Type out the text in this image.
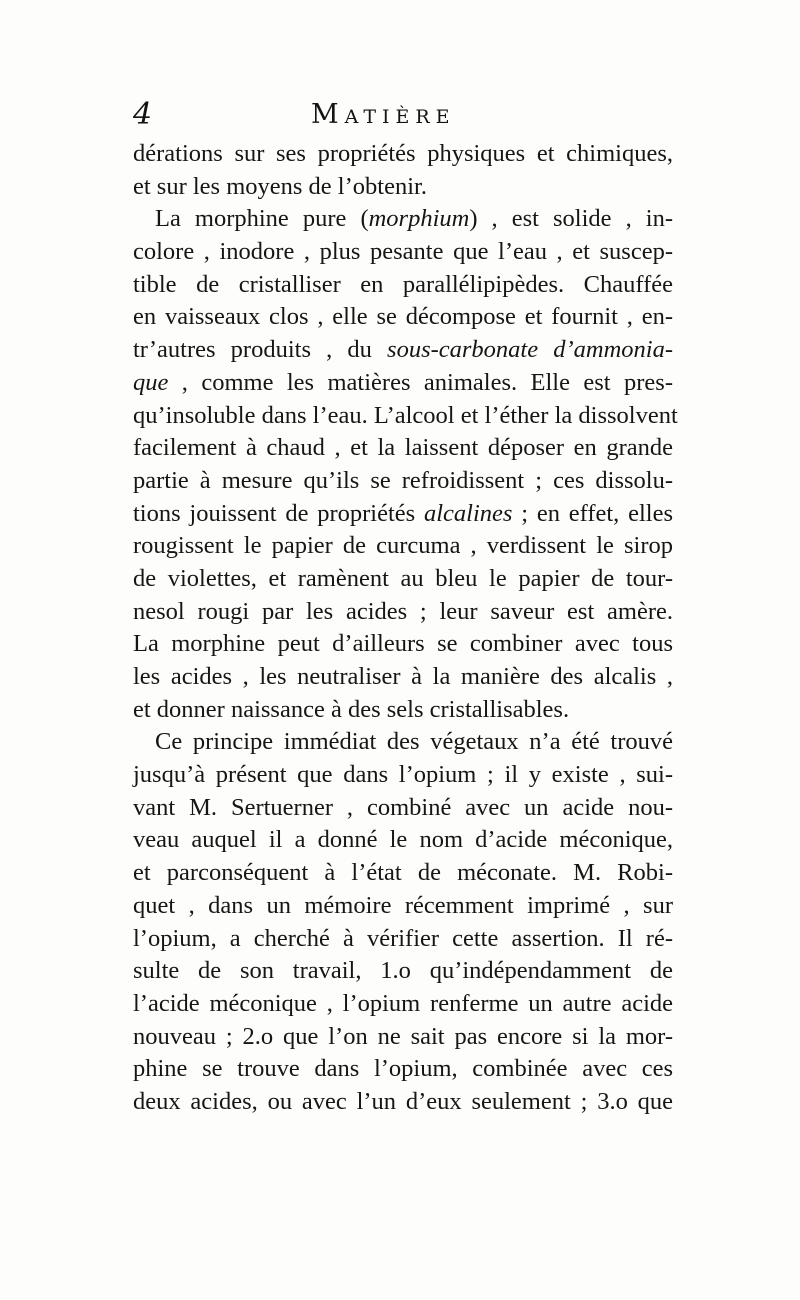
4	Matière
dérations sur ses propriétés physiques et chimiques,
et sur les moyens de l’obtenir.
La morphine pure (morphium) , est solide , in-
colore , inodore , plus pesante que l’eau , et suscep-
tible de cristalliser en parallélipipèdes. Chauffée
en vaisseaux clos , elle se décompose et fournit , en-
tr’autres produits , du sous-carbonate d’ammonia-
que , comme les matières animales. Elle est pres-
qu’insoluble dans l’eau. L’alcool et l’éther la dissolvent
facilement à chaud , et la laissent déposer en grande
partie à mesure qu’ils se refroidissent ; ces dissolu-
tions jouissent de propriétés alcalines ; en effet, elles
rougissent le papier de curcuma , verdissent le sirop
de violettes, et ramènent au bleu le papier de tour-
nesol rougi par les acides ; leur saveur est amère.
La morphine peut d’ailleurs se combiner avec tous
les acides , les neutraliser à la manière des alcalis ,
et donner naissance à des sels cristallisables.
Ce principe immédiat des végetaux n’a été trouvé
jusqu’à présent que dans l’opium ; il y existe , sui-
vant M. Sertuerner , combiné avec un acide nou-
veau auquel il a donné le nom d’acide méconique,
et parconséquent à l’état de méconate. M. Robi-
quet , dans un mémoire récemment imprimé , sur
l’opium, a cherché à vérifier cette assertion. Il ré-
sulte de son travail, 1.o qu’indépendamment de
l’acide méconique , l’opium renferme un autre acide
nouveau ; 2.o que l’on ne sait pas encore si la mor-
phine se trouve dans l’opium, combinée avec ces
deux acides, ou avec l’un d’eux seulement ; 3.o que
